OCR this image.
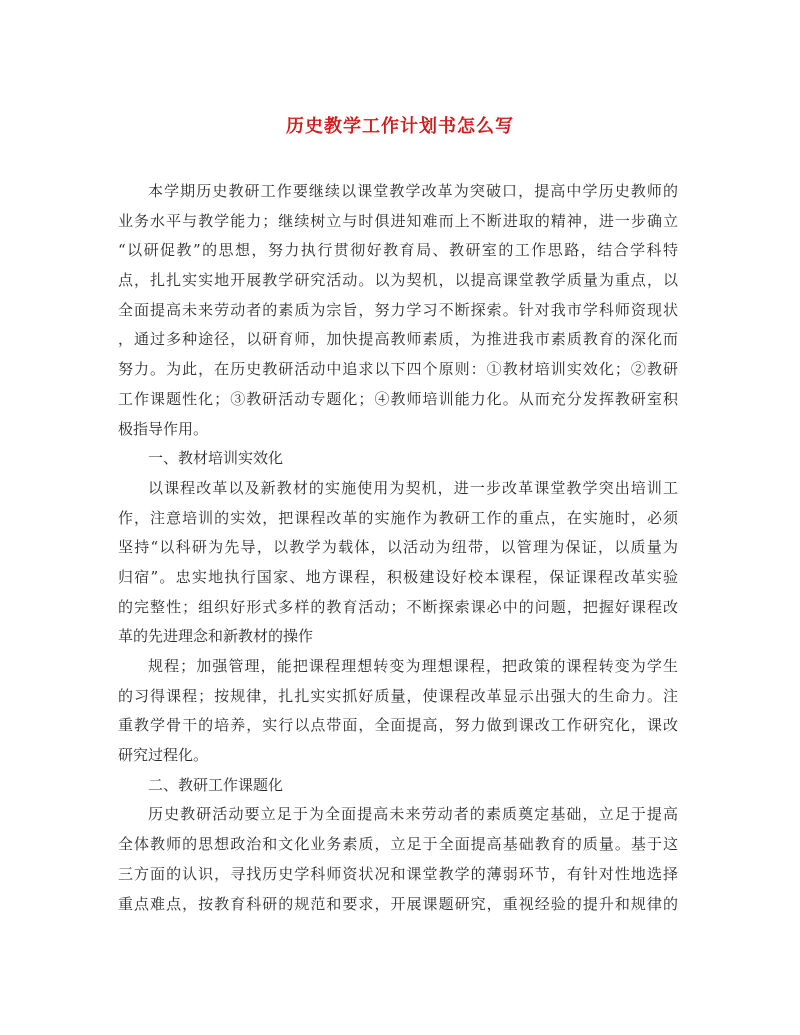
历史教学工作计划书怎么写
本学期历史教研工作要继续以课堂教学改革为突破口，提高中学历史教师的
业务水平与教学能力；继续树立与时俱进知难而上不断进取的精神，进一步确立
“以研促教”的思想，努力执行贯彻好教育局、教研室的工作思路，结合学科特
点，扎扎实实地开展教学研究活动。以为契机，以提高课堂教学质量为重点，以
全面提高未来劳动者的素质为宗旨，努力学习不断探索。针对我市学科师资现状
，通过多种途径，以研育师，加快提高教师素质，为推进我市素质教育的深化而
努力。为此，在历史教研活动中追求以下四个原则：①教材培训实效化；②教研
工作课题性化；③教研活动专题化；④教师培训能力化。从而充分发挥教研室积
极指导作用。
一、教材培训实效化
以课程改革以及新教材的实施使用为契机，进一步改革课堂教学突出培训工
作，注意培训的实效，把课程改革的实施作为教研工作的重点，在实施时，必须
坚持“以科研为先导，以教学为载体，以活动为纽带，以管理为保证，以质量为
归宿”。忠实地执行国家、地方课程，积极建设好校本课程，保证课程改革实验
的完整性；组织好形式多样的教育活动；不断探索课必中的问题，把握好课程改
革的先进理念和新教材的操作
规程；加强管理，能把课程理想转变为理想课程，把政策的课程转变为学生
的习得课程；按规律，扎扎实实抓好质量，使课程改革显示出强大的生命力。注
重教学骨干的培养，实行以点带面，全面提高，努力做到课改工作研究化，课改
研究过程化。
二、教研工作课题化
历史教研活动要立足于为全面提高未来劳动者的素质奠定基础，立足于提高
全体教师的思想政治和文化业务素质，立足于全面提高基础教育的质量。基于这
三方面的认识，寻找历史学科师资状况和课堂教学的薄弱环节，有针对性地选择
重点难点，按教育科研的规范和要求，开展课题研究，重视经验的提升和规律的
